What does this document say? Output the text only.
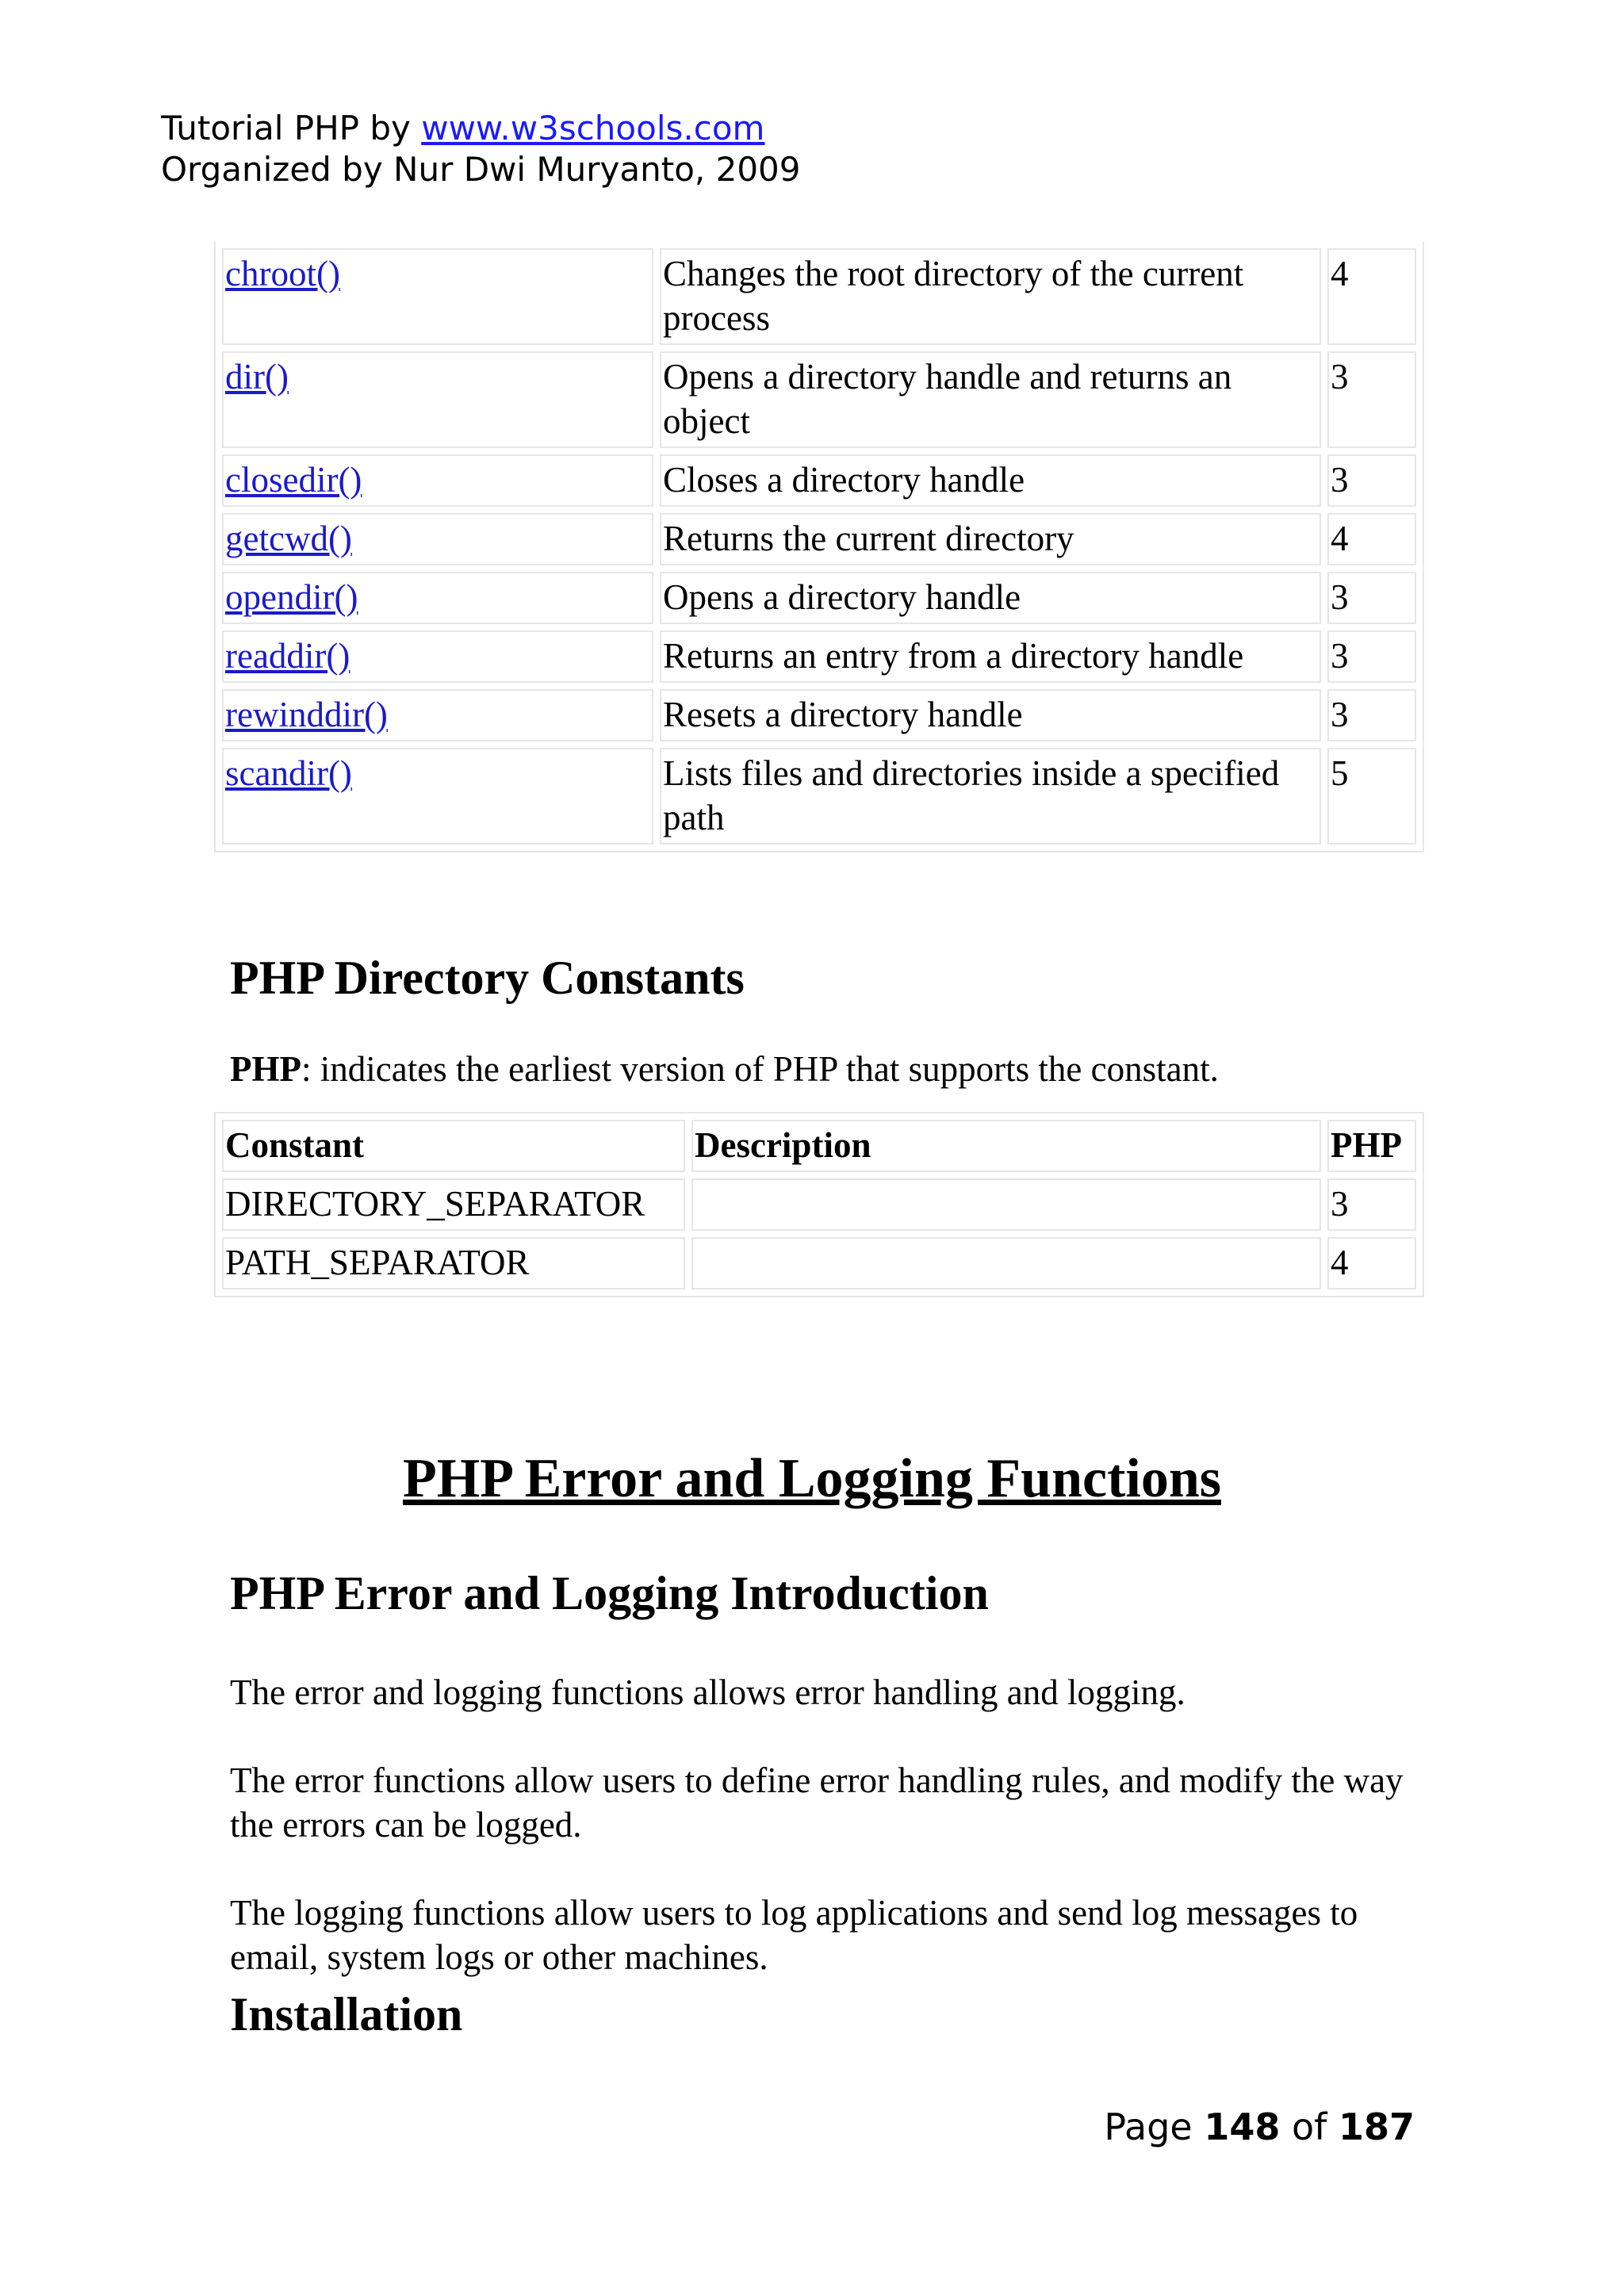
Tutorial PHP by www.w3schools.com
Organized by Nur Dwi Muryanto, 2009
chroot()	Changes the root directory of the current process	4
dir()	Opens a directory handle and returns an object	3
closedir()	Closes a directory handle	3
getcwd()	Returns the current directory	4
opendir()	Opens a directory handle	3
readdir()	Returns an entry from a directory handle	3
rewinddir()	Resets a directory handle	3
scandir()	Lists files and directories inside a specified path	5
PHP Directory Constants

PHP: indicates the earliest version of PHP that supports the constant.

Constant	Description	PHP
DIRECTORY_SEPARATOR		3
PATH_SEPARATOR		4
PHP Error and Logging Functions
PHP Error and Logging Introduction

The error and logging functions allows error handling and logging.

The error functions allow users to define error handling rules, and modify the way the errors can be logged.

The logging functions allow users to log applications and send log messages to email, system logs or other machines.

Installation
Page 148 of 187
